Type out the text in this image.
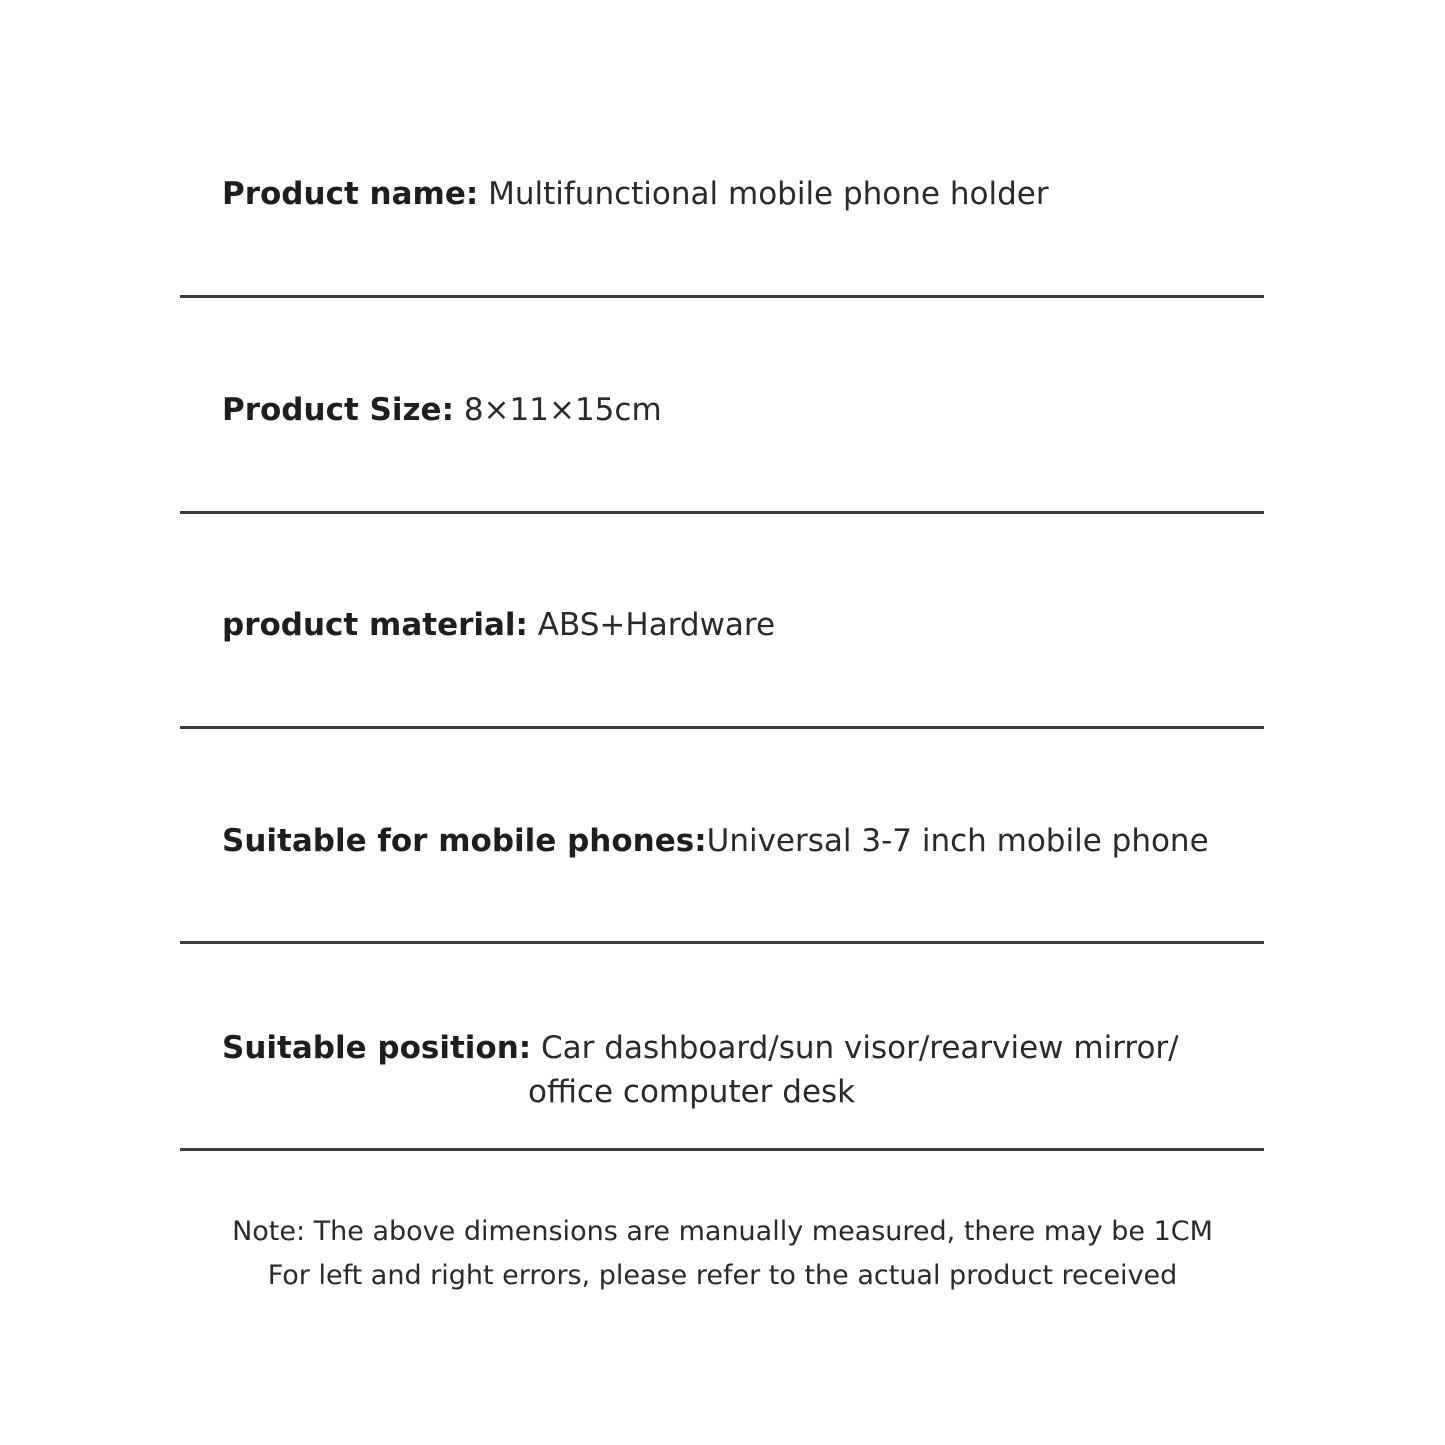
Product name: Multifunctional mobile phone holder
Product Size: 8×11×15cm
product material: ABS+Hardware
Suitable for mobile phones:Universal 3-7 inch mobile phone
Suitable position: Car dashboard/sun visor/rearview mirror/
office computer desk
Note: The above dimensions are manually measured, there may be 1CM
For left and right errors, please refer to the actual product received
